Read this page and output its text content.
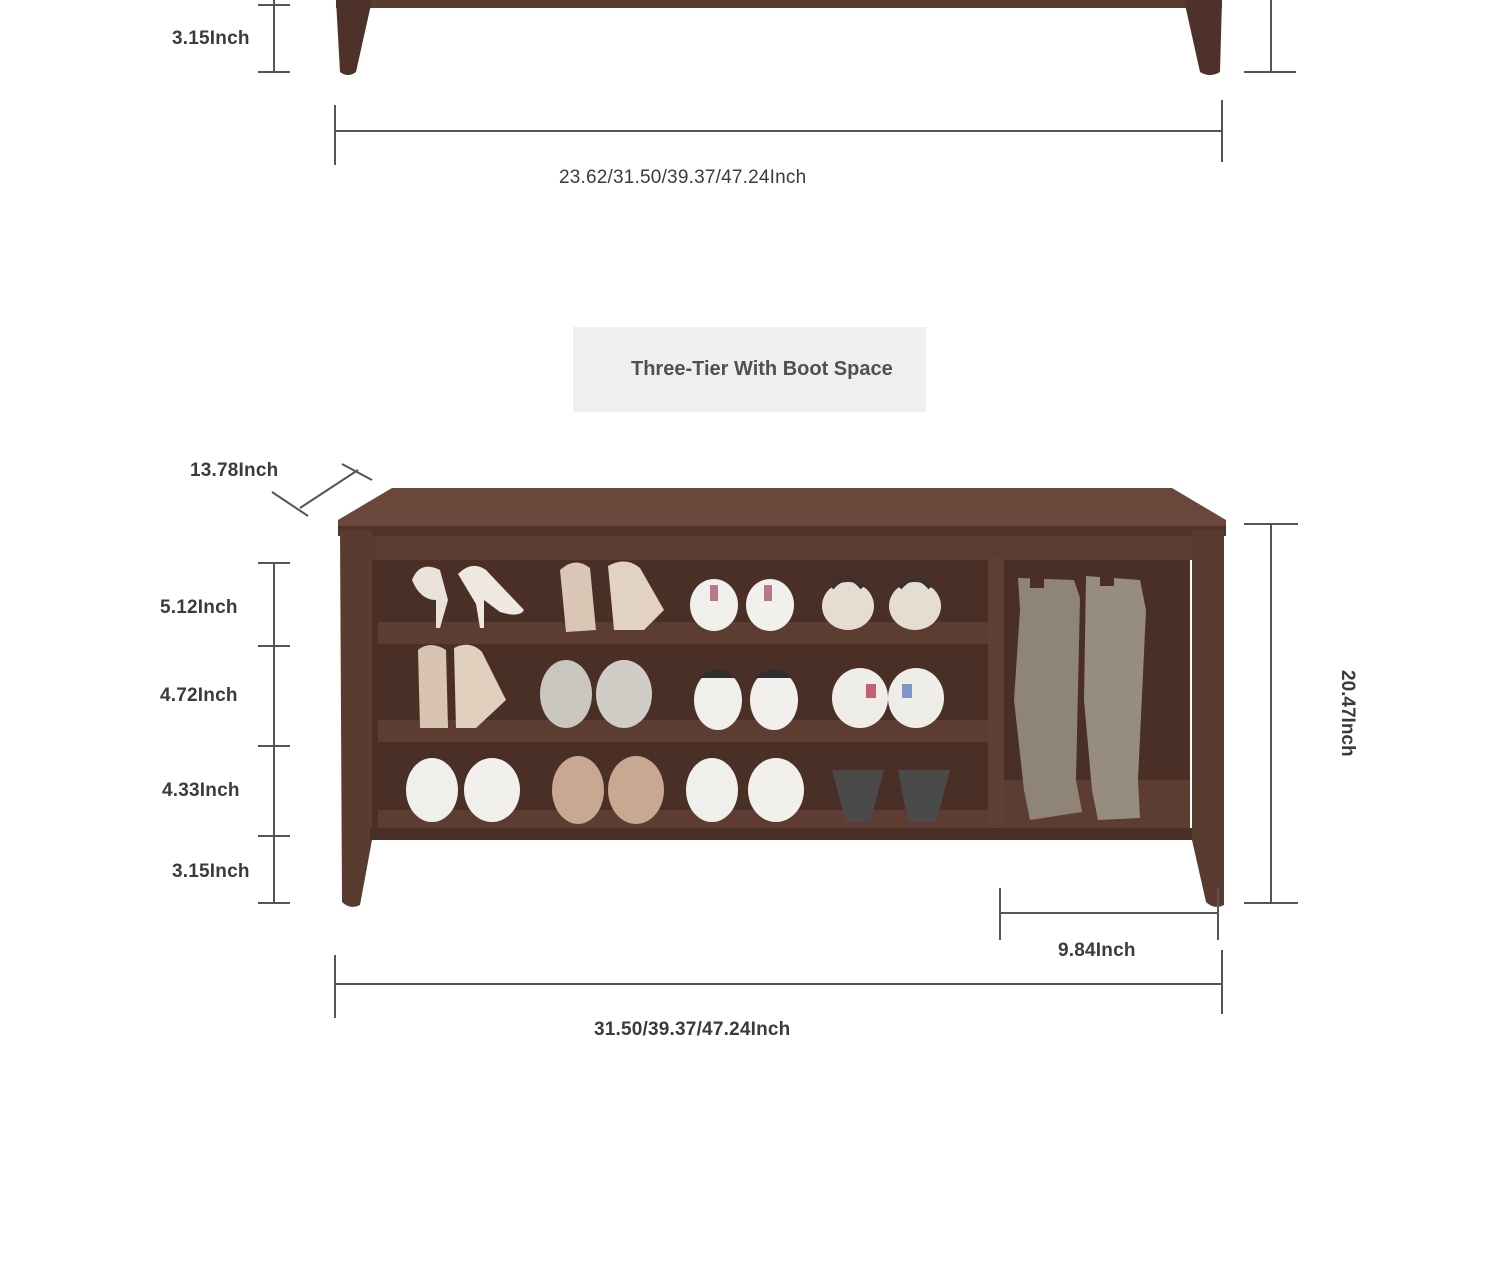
3.15Inch
23.62/31.50/39.37/47.24Inch
Three-Tier With Boot Space
13.78Inch
5.12Inch
4.72Inch
4.33Inch
3.15Inch
20.47Inch
9.84Inch
31.50/39.37/47.24Inch
